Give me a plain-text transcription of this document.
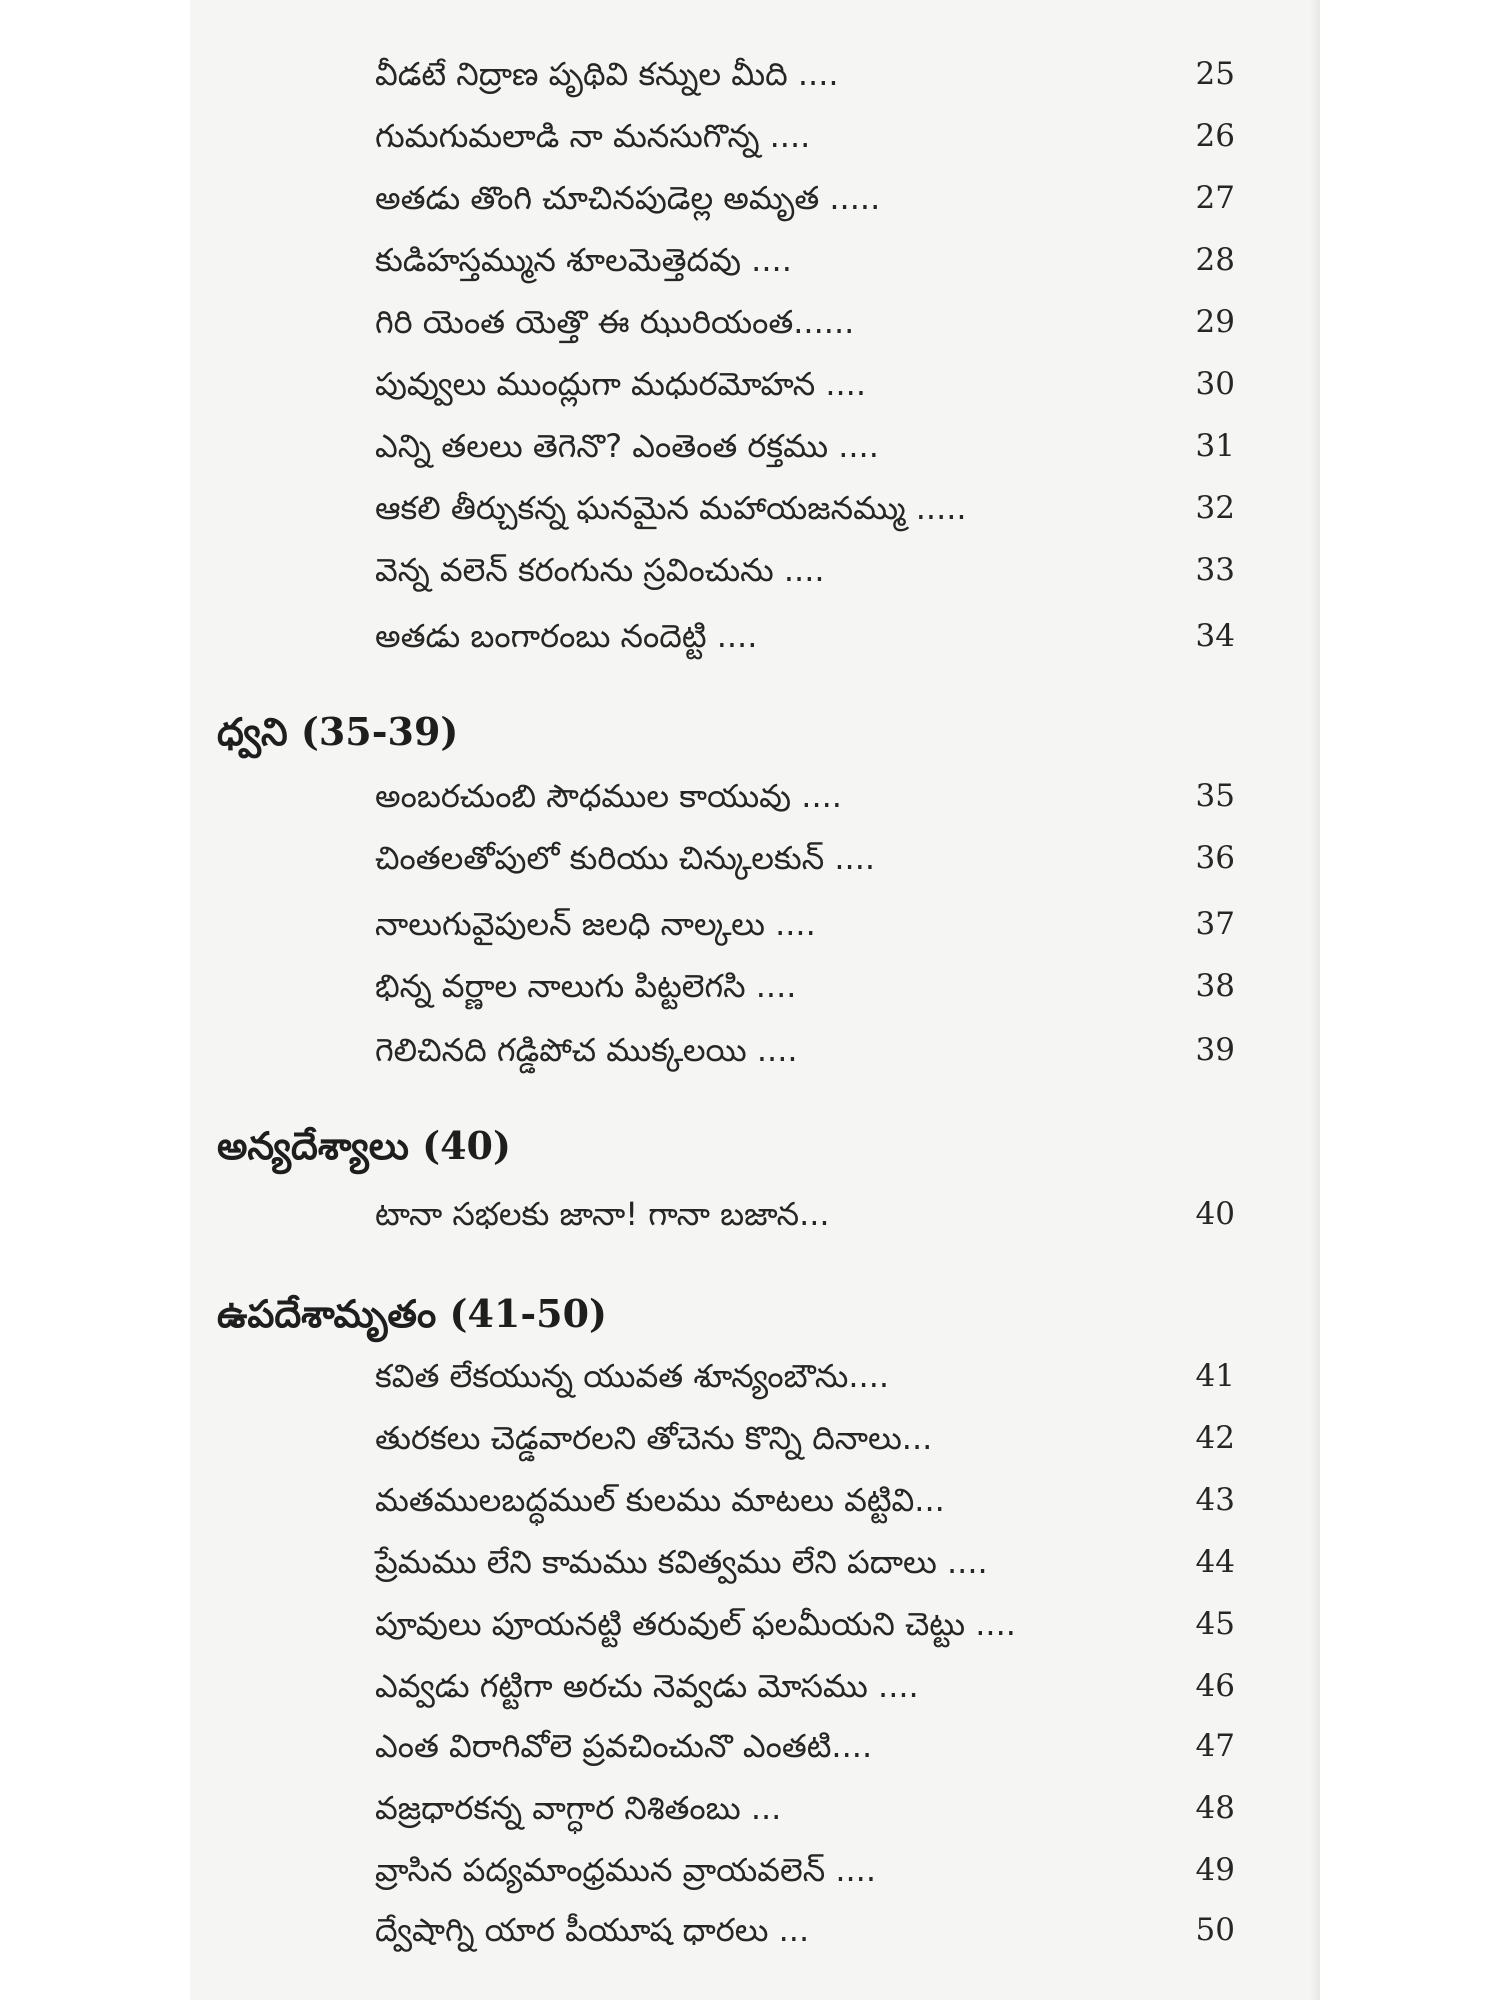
వీడటే నిద్రాణ పృథివి కన్నుల మీది ....	25
గుమగుమలాడి నా మనసుగొన్న ....	26
అతడు తొంగి చూచినపుడెల్ల అమృత .....	27
కుడిహస్తమ్మున శూలమెత్తెదవు ....	28
గిరి యెంత యెత్తొ ఈ ఝురియంత......	29
పువ్వులు ముంద్లుగా మధురమోహన ....	30
ఎన్ని తలలు తెగెనొ? ఎంతెంత రక్తము ....	31
ఆకలి తీర్చుకన్న ఘనమైన మహాయజనమ్ము .....	32
వెన్న వలెన్ కరంగును స్రవించును ....	33
అతడు బంగారంబు నందెట్టి ....	34
ధ్వని (35-39)
అంబరచుంబి సౌధముల కాయువు ....	35
చింతలతోపులో కురియు చిన్కులకున్ ....	36
నాలుగువైపులన్ జలధి నాల్కలు ....	37
భిన్న వర్ణాల నాలుగు పిట్టలెగసి ....	38
గెలిచినది గడ్డిపోచ ముక్కలయి ....	39
అన్యదేశ్యాలు (40)
టానా సభలకు జానా! గానా బజాన...	40
ఉపదేశామృతం (41-50)
కవిత లేకయున్న యువత శూన్యంబౌను....	41
తురకలు చెడ్డవారలని తోచెను కొన్ని దినాలు...	42
మతములబద్ధముల్ కులము మాటలు వట్టివి...	43
ప్రేమము లేని కామము కవిత్వము లేని పదాలు ....	44
పూవులు పూయనట్టి తరువుల్ ఫలమీయని చెట్టు ....	45
ఎవ్వడు గట్టిగా అరచు నెవ్వడు మోసము ....	46
ఎంత విరాగివోలె ప్రవచించునొ ఎంతటి....	47
వజ్రధారకన్న వాగ్ధార నిశితంబు ...	48
వ్రాసిన పద్యమాంధ్రమున వ్రాయవలెన్ ....	49
ద్వేషాగ్ని యార పీయూష ధారలు ...	50
